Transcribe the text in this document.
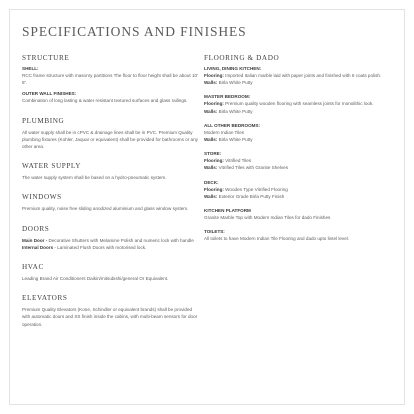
SPECIFICATIONS AND FINISHES
STRUCTURE
SHELL:
RCC frame structure with masonry partitions The floor to floor height shall be about 10' 6".
OUTER WALL FINISHES:
Combination of long lasting & water resistant textured surfaces and glass railings.
PLUMBING
All water supply shall be in cPVC & drainage lines shall be in PVC. Premium Quality plumbing fixtures (Kohler, Jaquar or equivalent) shall be provided for bathrooms or any other area.
WATER SUPPLY
The water supply system shall be based on a hydro-pneumatic system.
WINDOWS
Premium quality, noise free sliding anodized aluminium and glass window system.
DOORS
Main Door - Decorative Shutters with Melamine Polish and numeric lock with handle
Internal Doors - Laminated Flush Doors with motorised lock.
HVAC
Leading Brand Air Conditioners Daikin/mitsubishi/general Or Equivalent.
ELEVATORS
Premium Quality Elevators (Kone, Schindler or equivalent brands) shall be provided with automatic doors and SS finish inside the cabins, with multi-beam sensors for door operation.
FLOORING & DADO
LIVING, DINING KITCHEN:
Flooring: Imported Italian marble laid with paper joints and finished with 6 coats polish.
Walls: Birla White Putty
MASTER BEDROOM:
Flooring: Premium quality wooden flooring with seamless joints for monolithic look.
Walls: Birla White Putty
ALL OTHER BEDROOMS:
Modern Indian Tiles
Walls: Birla White Putty
STORE:
Flooring: Vitrified Tiles
Walls: Vitrified Tiles with Granite Shelves
DECK:
Flooring: Wooden Type Vitrified Flooring
Walls: Exterior Grade Birla Putty Finish
KITCHEN PLATFORM
Granite Marble Top with Modern Indian Tiles for dado Finishes
TOILETS:
All toilets to have Modern Indian Tile Flooring and dado upto lintel level.
